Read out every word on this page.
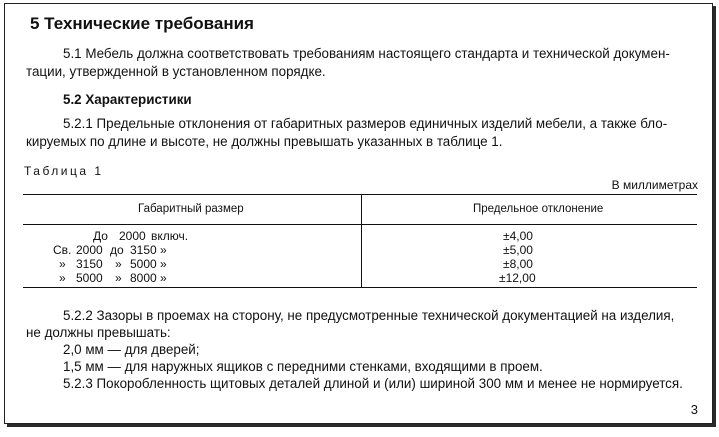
5 Технические требования
5.1 Мебель должна соответствовать требованиям настоящего стандарта и технической докумен-
тации, утвержденной в установленном порядке.
5.2 Характеристики
5.2.1 Предельные отклонения от габаритных размеров единичных изделий мебели, а также бло-
кируемых по длине и высоте, не должны превышать указанных в таблице 1.
Таблица 1
В миллиметрах
Габаритный размер	Предельное отклонение
До 2000 включ.	±4,00
Св. 2000 до 3150 »	±5,00
» 3150 » 5000 »	±8,00
» 5000 » 8000 »	±12,00
5.2.2 Зазоры в проемах на сторону, не предусмотренные технической документацией на изделия,
не должны превышать:
2,0 мм — для дверей;
1,5 мм — для наружных ящиков с передними стенками, входящими в проем.
5.2.3 Покоробленность щитовых деталей длиной и (или) шириной 300 мм и менее не нормируется.
3
